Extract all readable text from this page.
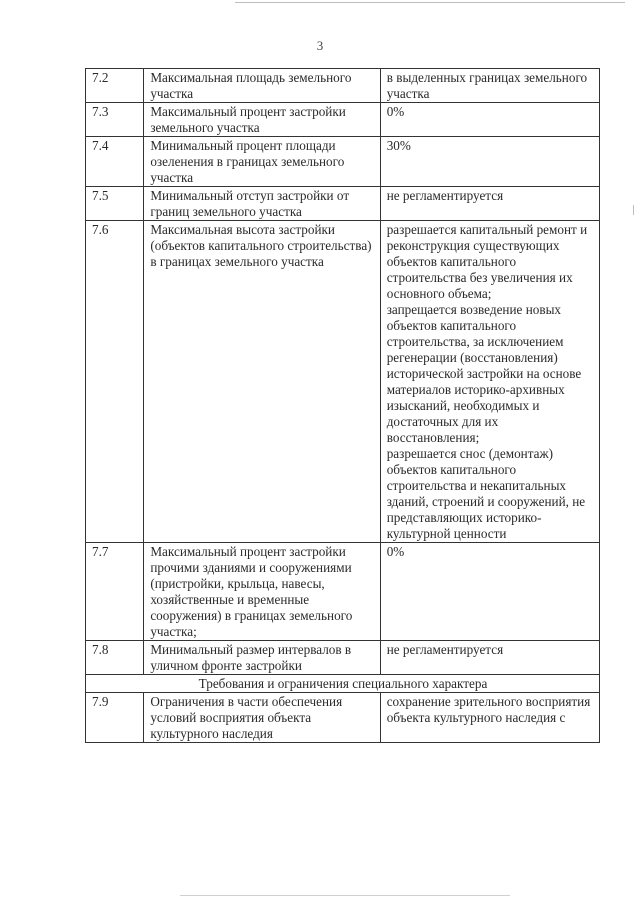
3
7.2	Максимальная площадь земельного участка	в выделенных границах земельного участка

7.3	Максимальный процент застройки земельного участка	0%

7.4	Минимальный процент площади озеленения в границах земельного участка	30%

7.5	Минимальный отступ застройки от границ земельного участка	не регламентируется

7.6	Максимальная высота застройки (объектов капитального строительства) в границах земельного участка	разрешается капитальный ремонт и реконструкция существующих объектов капитального строительства без увеличения их основного объема;
запрещается возведение новых объектов капитального строительства, за исключением регенерации (восстановления) исторической застройки на основе материалов историко-архивных изысканий, необходимых и достаточных для их восстановления;
разрешается снос (демонтаж) объектов капитального строительства и некапитальных зданий, строений и сооружений, не представляющих историко-культурной ценности

7.7	Максимальный процент застройки прочими зданиями и сооружениями (пристройки, крыльца, навесы, хозяйственные и временные сооружения) в границах земельного участка;	0%

7.8	Минимальный размер интервалов в уличном фронте застройки	не регламентируется

Требования и ограничения специального характера		
7.9	Ограничения в части обеспечения условий восприятия объекта культурного наследия	сохранение зрительного восприятия объекта культурного наследия с
